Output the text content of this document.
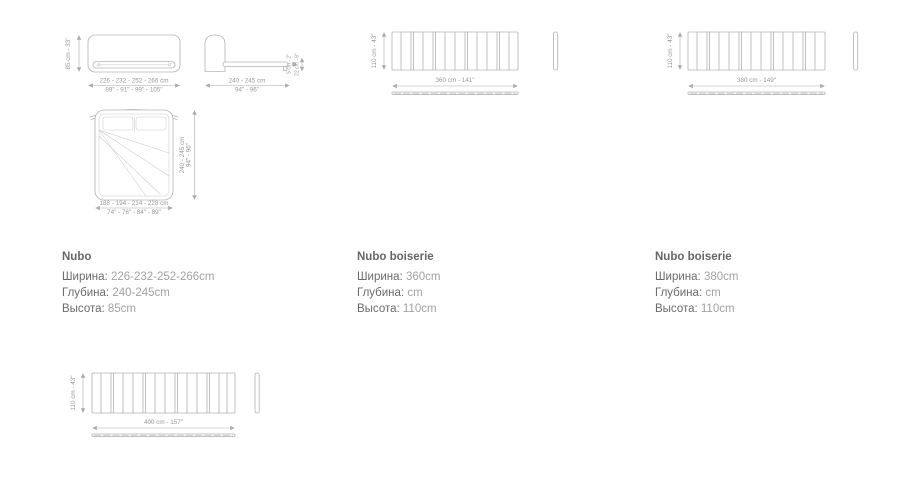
85 cm - 33"
226 - 232 - 252 - 266 cm
89" - 91" - 99" - 105"
5 cm - 2" 22 cm - 8"
240 - 245 cm
94" - 96"
240 - 245 cm 94" - 96"
188 - 194 - 214 - 228 cm
74" - 76" - 84" - 89"
110 cm - 43"
360 cm - 141"
110 cm - 43"
380 cm - 149"
110 cm - 43"
400 cm - 157"
Nubo
Ширина: 226-232-252-266cm
Глубина: 240-245cm
Высота: 85cm
Nubo boiserie
Ширина: 360cm
Глубина: cm
Высота: 110cm
Nubo boiserie
Ширина: 380cm
Глубина: cm
Высота: 110cm
